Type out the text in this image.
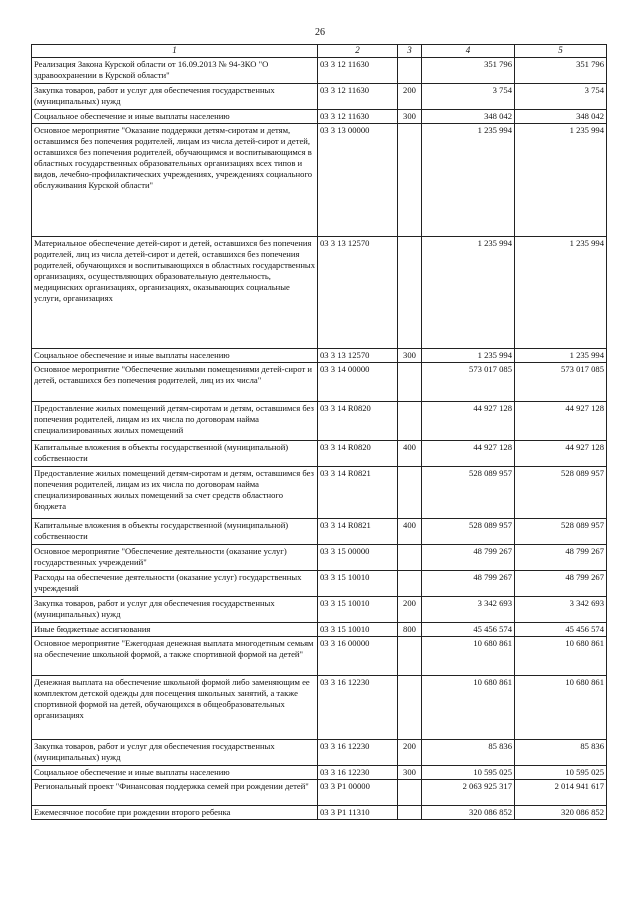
26
1	2	3	4	5
Реализация Закона Курской области от 16.09.2013 № 94-ЗКО "О здравоохранении в Курской области"	03 3 12 11630		351 796	351 796
Закупка товаров, работ и услуг для обеспечения государственных (муниципальных) нужд	03 3 12 11630	200	3 754	3 754
Социальное обеспечение и иные выплаты населению	03 3 12 11630	300	348 042	348 042
Основное мероприятие "Оказание поддержки детям-сиротам и детям, оставшимся без попечения родителей, лицам из числа детей-сирот и детей, оставшихся без попечения родителей, обучающимся и воспитывающимся в областных государственных образовательных организациях всех типов и видов, лечебно-профилактических учреждениях, учреждениях социального обслуживания Курской области"	03 3 13 00000		1 235 994	1 235 994
Материальное обеспечение детей-сирот и детей, оставшихся без попечения родителей, лиц из числа детей-сирот и детей, оставшихся без попечения родителей, обучающихся и воспитывающихся в областных государственных организациях, осуществляющих образовательную деятельность, медицинских организациях, организациях, оказывающих социальные услуги, организациях	03 3 13 12570		1 235 994	1 235 994
Социальное обеспечение и иные выплаты населению	03 3 13 12570	300	1 235 994	1 235 994
Основное мероприятие "Обеспечение жилыми помещениями детей-сирот и детей, оставшихся без попечения родителей, лиц из их числа"	03 3 14 00000		573 017 085	573 017 085
Предоставление жилых помещений детям-сиротам и детям, оставшимся без попечения родителей, лицам из их числа по договорам найма специализированных жилых помещений	03 3 14 R0820		44 927 128	44 927 128
Капитальные вложения в объекты государственной (муниципальной) собственности	03 3 14 R0820	400	44 927 128	44 927 128
Предоставление жилых помещений детям-сиротам и детям, оставшимся без попечения родителей, лицам из их числа по договорам найма специализированных жилых помещений за счет средств областного бюджета	03 3 14 R0821		528 089 957	528 089 957
Капитальные вложения в объекты государственной (муниципальной) собственности	03 3 14 R0821	400	528 089 957	528 089 957
Основное мероприятие "Обеспечение деятельности (оказание услуг) государственных учреждений"	03 3 15 00000		48 799 267	48 799 267
Расходы на обеспечение деятельности (оказание услуг) государственных учреждений	03 3 15 10010		48 799 267	48 799 267
Закупка товаров, работ и услуг для обеспечения государственных (муниципальных) нужд	03 3 15 10010	200	3 342 693	3 342 693
Иные бюджетные ассигнования	03 3 15 10010	800	45 456 574	45 456 574
Основное мероприятие "Ежегодная денежная выплата многодетным семьям на обеспечение школьной формой, а также спортивной формой на детей"	03 3 16 00000		10 680 861	10 680 861
Денежная выплата на обеспечение школьной формой либо заменяющим ее комплектом детской одежды для посещения школьных занятий, а также спортивной формой на детей, обучающихся в общеобразовательных организациях	03 3 16 12230		10 680 861	10 680 861
Закупка товаров, работ и услуг для обеспечения государственных (муниципальных) нужд	03 3 16 12230	200	85 836	85 836
Социальное обеспечение и иные выплаты населению	03 3 16 12230	300	10 595 025	10 595 025
Региональный проект "Финансовая поддержка семей при рождении детей"	03 3 P1 00000		2 063 925 317	2 014 941 617
Ежемесячное пособие при рождении второго ребенка	03 3 P1 11310		320 086 852	320 086 852
